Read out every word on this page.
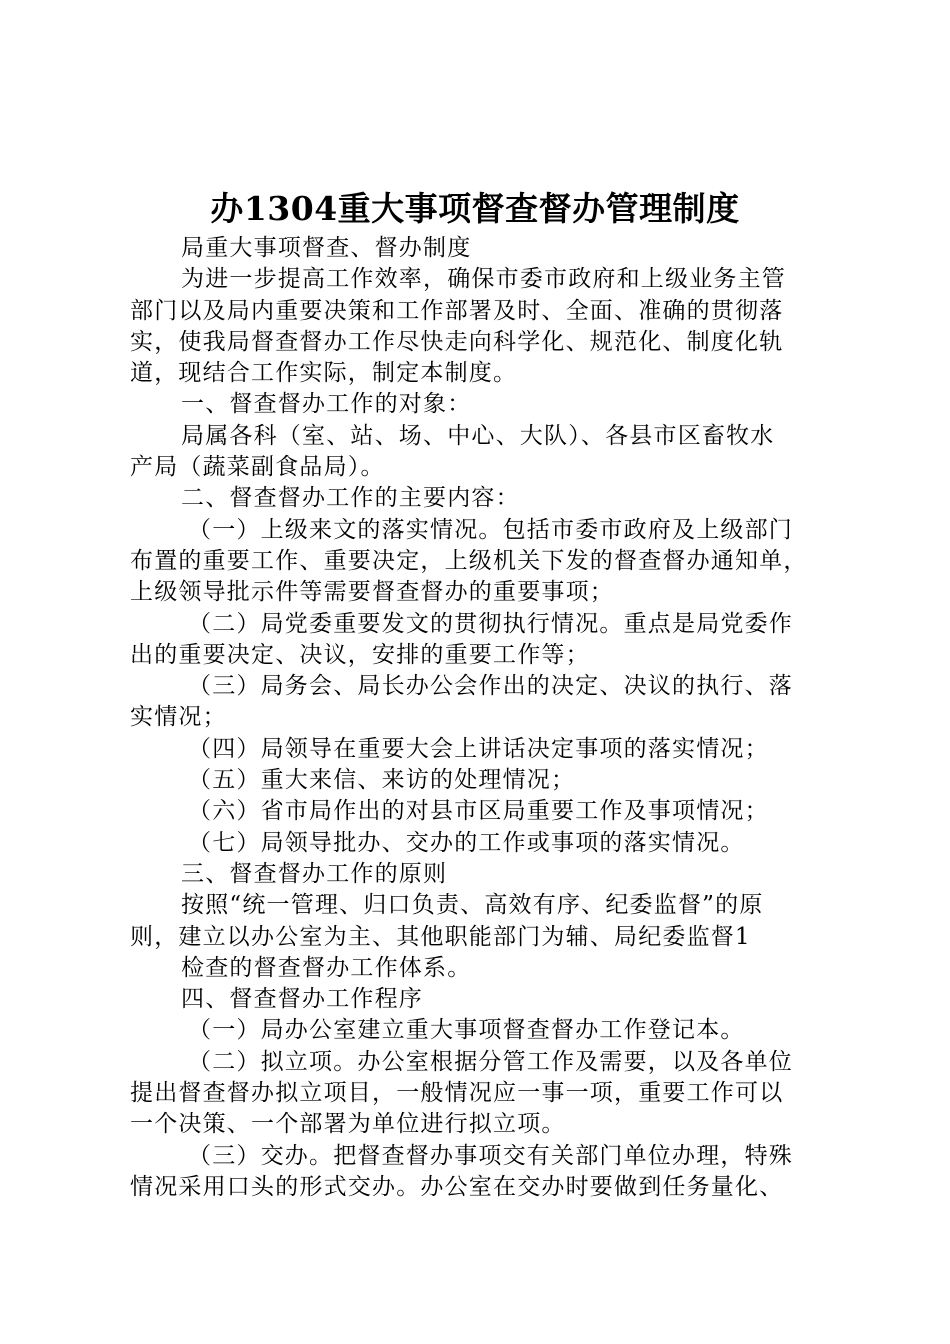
办1304重大事项督查督办管理制度
局重大事项督查、督办制度
为进一步提高工作效率，确保市委市政府和上级业务主管
部门以及局内重要决策和工作部署及时、全面、准确的贯彻落
实，使我局督查督办工作尽快走向科学化、规范化、制度化轨
道，现结合工作实际，制定本制度。
一、督查督办工作的对象：
局属各科（室、站、场、中心、大队）、各县市区畜牧水
产局（蔬菜副食品局）。
二、督查督办工作的主要内容：
（一）上级来文的落实情况。包括市委市政府及上级部门
布置的重要工作、重要决定，上级机关下发的督查督办通知单，
上级领导批示件等需要督查督办的重要事项；
（二）局党委重要发文的贯彻执行情况。重点是局党委作
出的重要决定、决议，安排的重要工作等；
（三）局务会、局长办公会作出的决定、决议的执行、落
实情况；
（四）局领导在重要大会上讲话决定事项的落实情况；
（五）重大来信、来访的处理情况；
（六）省市局作出的对县市区局重要工作及事项情况；
（七）局领导批办、交办的工作或事项的落实情况。
三、督查督办工作的原则
按照“统一管理、归口负责、高效有序、纪委监督”的原
则，建立以办公室为主、其他职能部门为辅、局纪委监督1
检查的督查督办工作体系。
四、督查督办工作程序
（一）局办公室建立重大事项督查督办工作登记本。
（二）拟立项。办公室根据分管工作及需要，以及各单位
提出督查督办拟立项目，一般情况应一事一项，重要工作可以
一个决策、一个部署为单位进行拟立项。
（三）交办。把督查督办事项交有关部门单位办理，特殊
情况采用口头的形式交办。办公室在交办时要做到任务量化、
